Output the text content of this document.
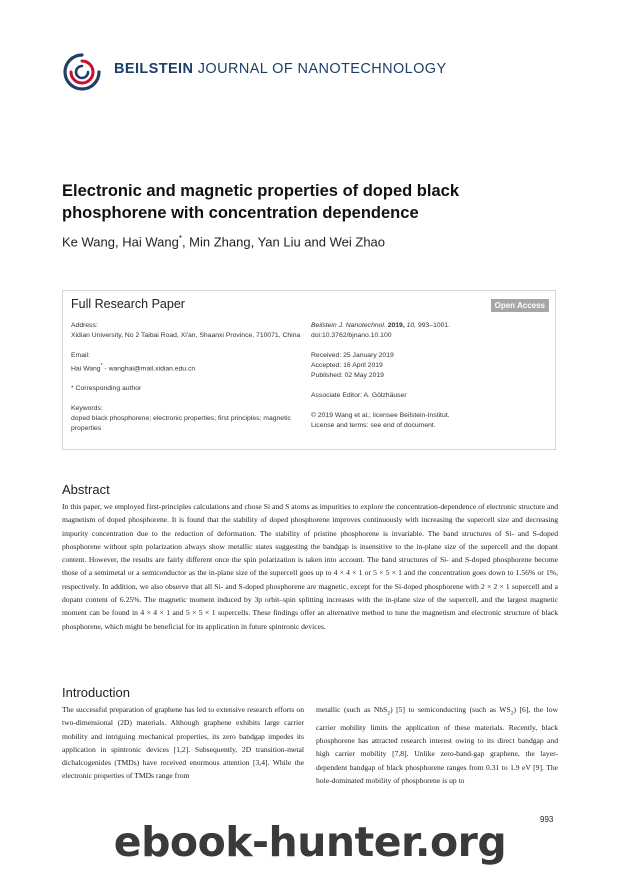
BEILSTEIN JOURNAL OF NANOTECHNOLOGY
Electronic and magnetic properties of doped black phosphorene with concentration dependence
Ke Wang, Hai Wang*, Min Zhang, Yan Liu and Wei Zhao
Full Research Paper	Open Access

Address:
Xidian University, No 2 Taibai Road, Xi'an, Shaanxi Province, 710071, China

Email:
Hai Wang* - wanghai@mail.xidian.edu.cn

* Corresponding author

Keywords:
doped black phosphorene; electronic properties; first principles; magnetic properties

Beilstein J. Nanotechnol. 2019, 10, 993–1001.
doi:10.3762/bjnano.10.100

Received: 25 January 2019
Accepted: 16 April 2019
Published: 02 May 2019

Associate Editor: A. Gölzhäuser

© 2019 Wang et al.; licensee Beilstein-Institut.
License and terms: see end of document.

Abstract
In this paper, we employed first-principles calculations and chose Si and S atoms as impurities to explore the concentration-dependence of electronic structure and magnetism of doped phosphorene. It is found that the stability of doped phosphorene improves continuously with increasing the supercell size and decreasing impurity concentration due to the reduction of deformation. The stability of pristine phosphorene is invariable. The band structures of Si- and S-doped phosphorene without spin polarization always show metallic states suggesting the bandgap is insensitive to the in-plane size of the supercell and the dopant content. However, the results are fairly different once the spin polarization is taken into account. The band structures of Si- and S-doped phosphorene become those of a semimetal or a semiconductor as the in-plane size of the supercell goes up to 4 × 4 × 1 or 5 × 5 × 1 and the concentration goes down to 1.56% or 1%, respectively. In addition, we also observe that all Si- and S-doped phosphorene are magnetic, except for the Si-doped phosphorene with 2 × 2 × 1 supercell and a dopant content of 6.25%. The magnetic moment induced by 3p orbit–spin splitting increases with the in-plane size of the supercell, and the largest magnetic moment can be found in 4 × 4 × 1 and 5 × 5 × 1 supercells. These findings offer an alternative method to tune the magnetism and electronic structure of black phosphorene, which might be beneficial for its application in future spintronic devices.
Introduction
The successful preparation of graphene has led to extensive research efforts on two-dimensional (2D) materials. Although graphene exhibits large carrier mobility and intriguing mechanical properties, its zero bandgap impedes its application in spintronic devices [1,2]. Subsequently, 2D transition-metal dichalcogenides (TMDs) have received enormous attention [3,4]. While the electronic properties of TMDs range from
metallic (such as NbS$_2$) [5] to semiconducting (such as $WS_2$) [6], the low carrier mobility limits the application of these materials. Recently, black phosphorene has attracted research interest owing to its direct bandgap and high carrier mobility [7,8]. Unlike zero-band-gap graphene, the layer-dependent bandgap of black phosphorene ranges from 0.31 to 1.9 eV [9]. The hole-dominated mobility of phosphorene is up to
993
ebook-hunter.org
